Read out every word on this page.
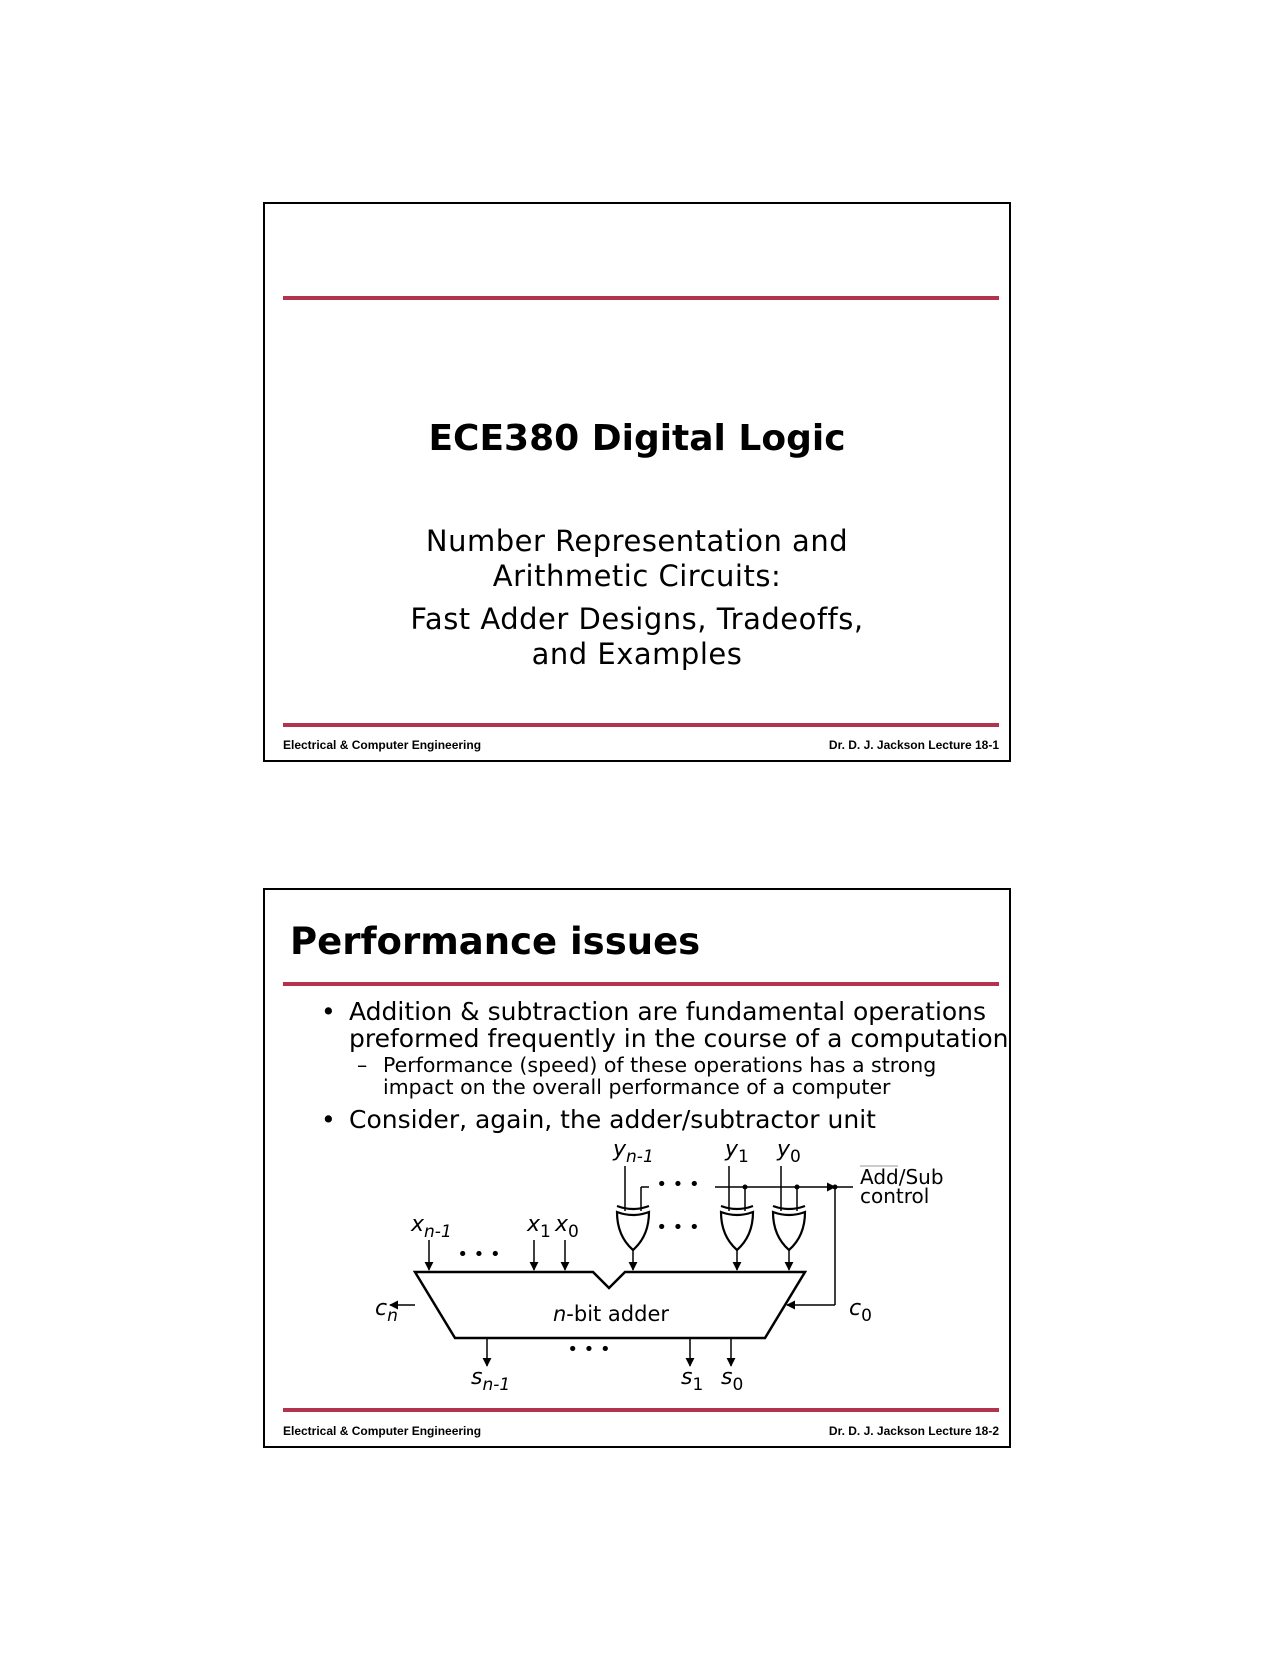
ECE380 Digital Logic
Number Representation and
Arithmetic Circuits:
Fast Adder Designs, Tradeoffs,
and Examples
Electrical & Computer Engineering	Dr. D. J. Jackson Lecture 18-1
Performance issues
• Addition & subtraction are fundamental operations
preformed frequently in the course of a computation
– Performance (speed) of these operations has a strong
impact on the overall performance of a computer
• Consider, again, the adder/subtractor unit
n-bit adder
• • •
$x_{n-1}$	$x_1$ $x_0$
$y_{n-1}$	$y_1$ $y_0$
• • •
• • •
Add/Sub
control
$c_n$	$c_0$
• • •
$s_{n-1}$	$s_1$ $s_0$
Electrical & Computer Engineering	Dr. D. J. Jackson Lecture 18-2
